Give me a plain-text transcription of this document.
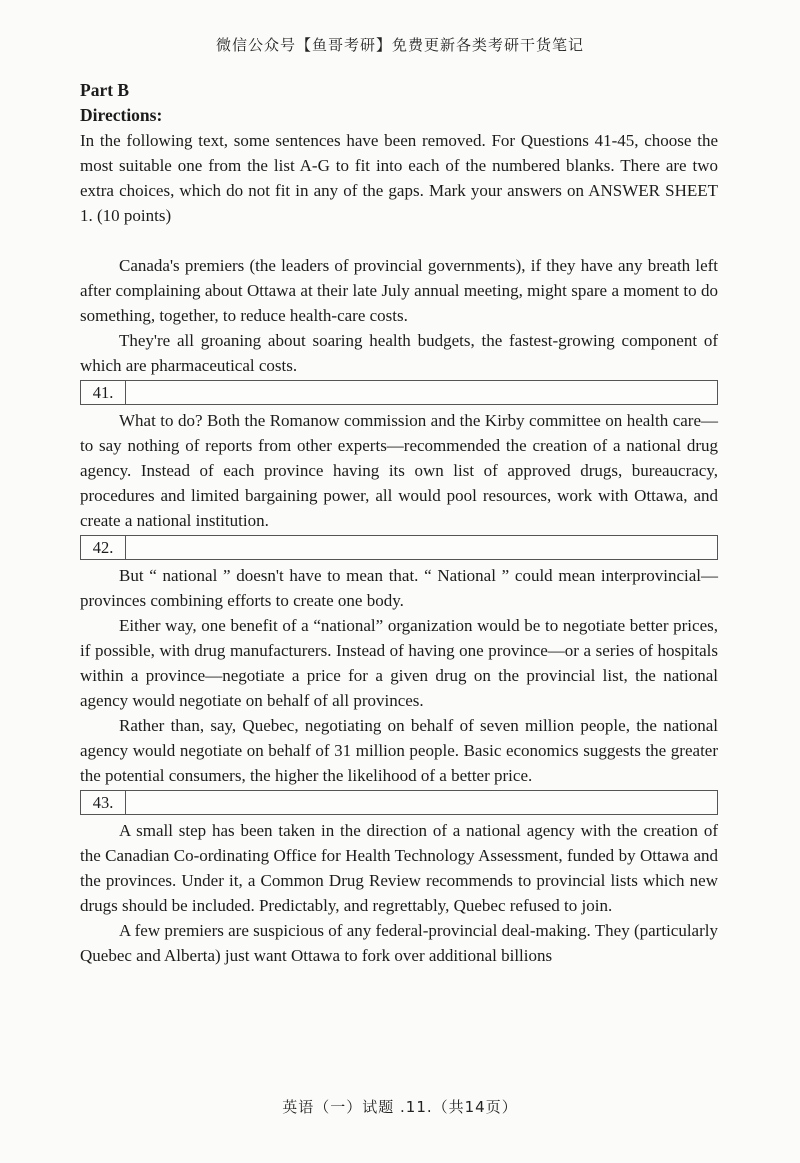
微信公众号【鱼哥考研】免费更新各类考研干货笔记
Part B
Directions:
In the following text, some sentences have been removed. For Questions 41-45, choose the most suitable one from the list A-G to fit into each of the numbered blanks. There are two extra choices, which do not fit in any of the gaps. Mark your answers on ANSWER SHEET 1. (10 points)

Canada's premiers (the leaders of provincial governments), if they have any breath left after complaining about Ottawa at their late July annual meeting, might spare a moment to do something, together, to reduce health-care costs.

They're all groaning about soaring health budgets, the fastest-growing component of which are pharmaceutical costs.

41.

What to do? Both the Romanow commission and the Kirby committee on health care—to say nothing of reports from other experts—recommended the creation of a national drug agency. Instead of each province having its own list of approved drugs, bureaucracy, procedures and limited bargaining power, all would pool resources, work with Ottawa, and create a national institution.

42.

But “ national ” doesn't have to mean that. “ National ” could mean interprovincial—provinces combining efforts to create one body.

Either way, one benefit of a “national” organization would be to negotiate better prices, if possible, with drug manufacturers. Instead of having one province—or a series of hospitals within a province—negotiate a price for a given drug on the provincial list, the national agency would negotiate on behalf of all provinces.

Rather than, say, Quebec, negotiating on behalf of seven million people, the national agency would negotiate on behalf of 31 million people. Basic economics suggests the greater the potential consumers, the higher the likelihood of a better price.

43.

A small step has been taken in the direction of a national agency with the creation of the Canadian Co-ordinating Office for Health Technology Assessment, funded by Ottawa and the provinces. Under it, a Common Drug Review recommends to provincial lists which new drugs should be included. Predictably, and regrettably, Quebec refused to join.

A few premiers are suspicious of any federal-provincial deal-making. They (particularly Quebec and Alberta) just want Ottawa to fork over additional billions

英语（一）试题 .11.（共14页）
